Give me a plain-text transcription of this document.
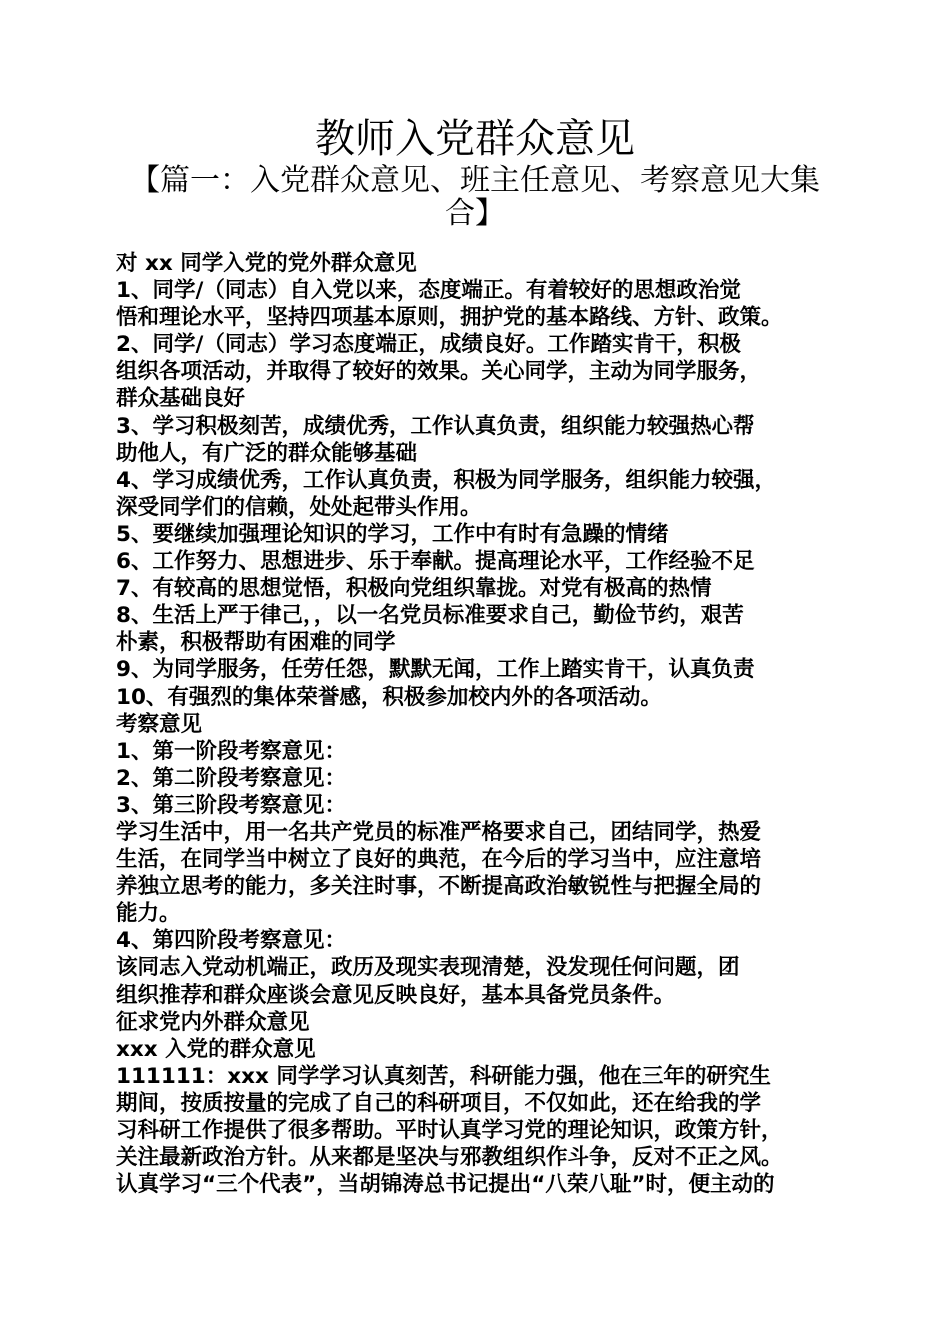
教师入党群众意见
【篇一：入党群众意见、班主任意见、考察意见大集
合】
对 xx 同学入党的党外群众意见
1、同学/（同志）自入党以来，态度端正。有着较好的思想政治觉
悟和理论水平，坚持四项基本原则，拥护党的基本路线、方针、政策。
2、同学/（同志）学习态度端正，成绩良好。工作踏实肯干，积极
组织各项活动，并取得了较好的效果。关心同学，主动为同学服务，
群众基础良好
3、学习积极刻苦，成绩优秀，工作认真负责，组织能力较强热心帮
助他人，有广泛的群众能够基础
4、学习成绩优秀，工作认真负责，积极为同学服务，组织能力较强，
深受同学们的信赖，处处起带头作用。
5、要继续加强理论知识的学习，工作中有时有急躁的情绪
6、工作努力、思想进步、乐于奉献。提高理论水平，工作经验不足
7、有较高的思想觉悟，积极向党组织靠拢。对党有极高的热情
8、生活上严于律己，，以一名党员标准要求自己，勤俭节约，艰苦
朴素，积极帮助有困难的同学
9、为同学服务，任劳任怨，默默无闻，工作上踏实肯干，认真负责
10、有强烈的集体荣誉感，积极参加校内外的各项活动。
考察意见
1、第一阶段考察意见：
2、第二阶段考察意见：
3、第三阶段考察意见：
学习生活中，用一名共产党员的标准严格要求自己，团结同学，热爱
生活，在同学当中树立了良好的典范，在今后的学习当中，应注意培
养独立思考的能力，多关注时事，不断提高政治敏锐性与把握全局的
能力。
4、第四阶段考察意见：
该同志入党动机端正，政历及现实表现清楚，没发现任何问题，团
组织推荐和群众座谈会意见反映良好，基本具备党员条件。
征求党内外群众意见
xxx 入党的群众意见
111111：xxx 同学学习认真刻苦，科研能力强，他在三年的研究生
期间，按质按量的完成了自己的科研项目，不仅如此，还在给我的学
习科研工作提供了很多帮助。平时认真学习党的理论知识，政策方针，
关注最新政治方针。从来都是坚决与邪教组织作斗争，反对不正之风。
认真学习“三个代表”，当胡锦涛总书记提出“八荣八耻”时，便主动的
